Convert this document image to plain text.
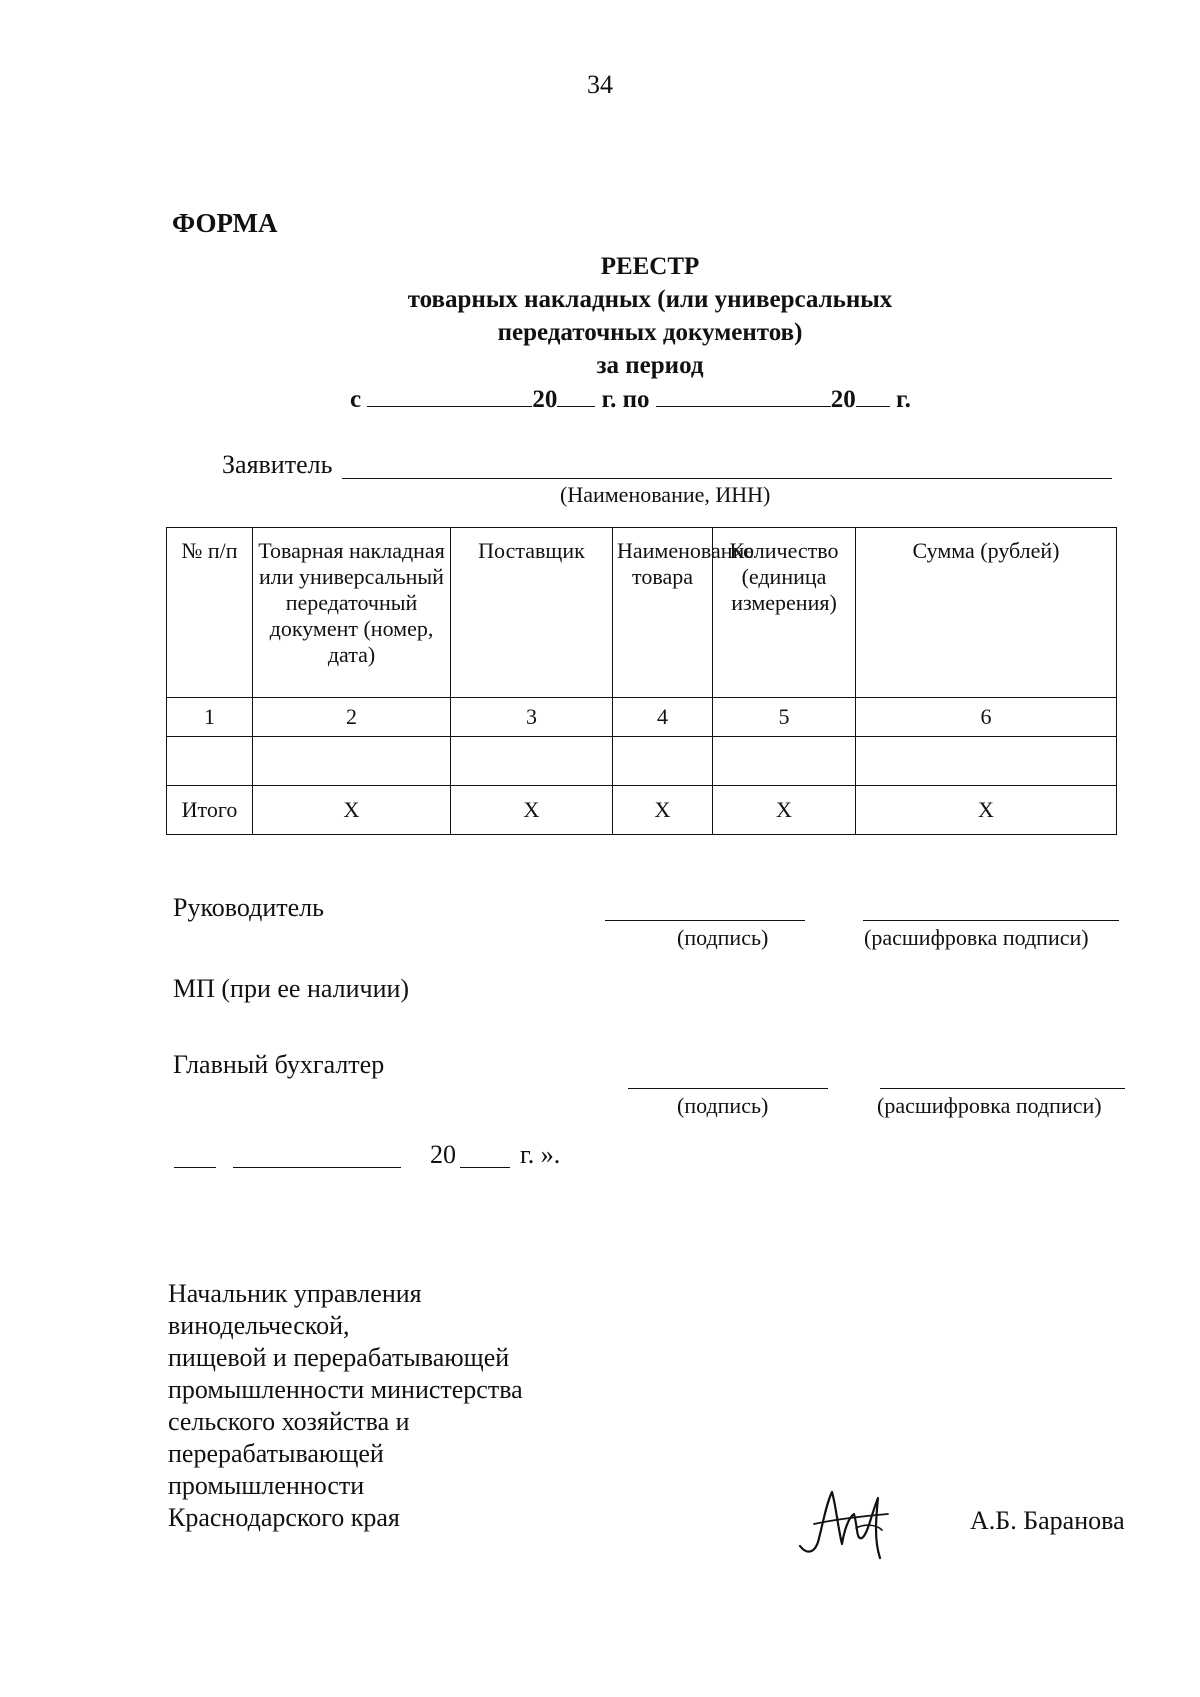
34
ФОРМА
РЕЕСТР
товарных накладных (или универсальных
передаточных документов)
за период
с	20 г. по	20 г.
Заявитель
(Наименование, ИНН)
№ п/п	Товарная накладная или универсальный передаточный документ (номер, дата)	Поставщик	Наименование товара	Количество (единица измерения)	Сумма (рублей)
1	2	3	4	5	6

Итого	X	X	X	X	X
Руководитель
(подпись)	(расшифровка подписи)
МП (при ее наличии)
Главный бухгалтер
(подпись)	(расшифровка подписи)
20 г. ».
Начальник управления
винодельческой,
пищевой и перерабатывающей
промышленности министерства
сельского хозяйства и
перерабатывающей
промышленности
Краснодарского края	А.Б. Баранова
